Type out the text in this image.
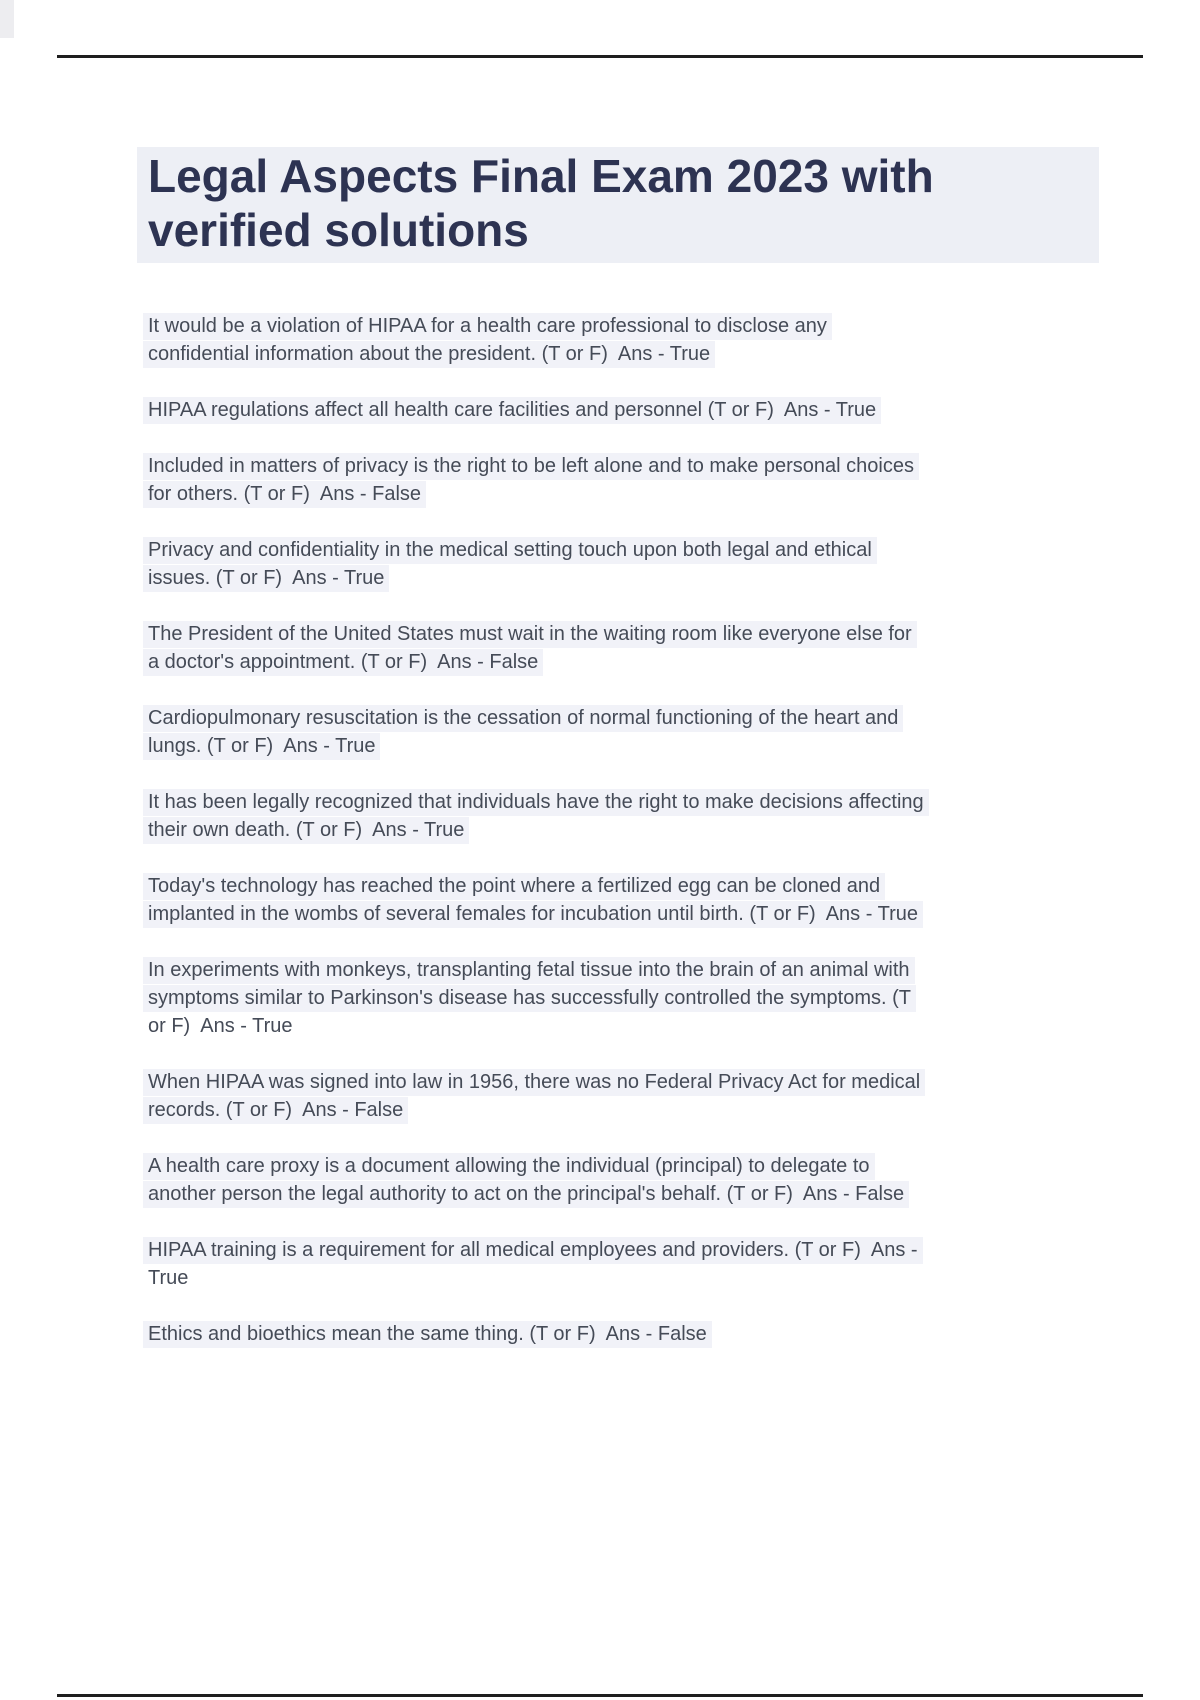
Legal Aspects Final Exam 2023 with
verified solutions
It would be a violation of HIPAA for a health care professional to disclose any
confidential information about the president. (T or F)  Ans - True
HIPAA regulations affect all health care facilities and personnel (T or F)  Ans - True
Included in matters of privacy is the right to be left alone and to make personal choices
for others. (T or F)  Ans - False
Privacy and confidentiality in the medical setting touch upon both legal and ethical
issues. (T or F)  Ans - True
The President of the United States must wait in the waiting room like everyone else for
a doctor's appointment. (T or F)  Ans - False
Cardiopulmonary resuscitation is the cessation of normal functioning of the heart and
lungs. (T or F)  Ans - True
It has been legally recognized that individuals have the right to make decisions affecting
their own death. (T or F)  Ans - True
Today's technology has reached the point where a fertilized egg can be cloned and
implanted in the wombs of several females for incubation until birth. (T or F)  Ans - True
In experiments with monkeys, transplanting fetal tissue into the brain of an animal with
symptoms similar to Parkinson's disease has successfully controlled the symptoms. (T
or F)  Ans - True
When HIPAA was signed into law in 1956, there was no Federal Privacy Act for medical
records. (T or F)  Ans - False
A health care proxy is a document allowing the individual (principal) to delegate to
another person the legal authority to act on the principal's behalf. (T or F)  Ans - False
HIPAA training is a requirement for all medical employees and providers. (T or F)  Ans -
True
Ethics and bioethics mean the same thing. (T or F)  Ans - False
